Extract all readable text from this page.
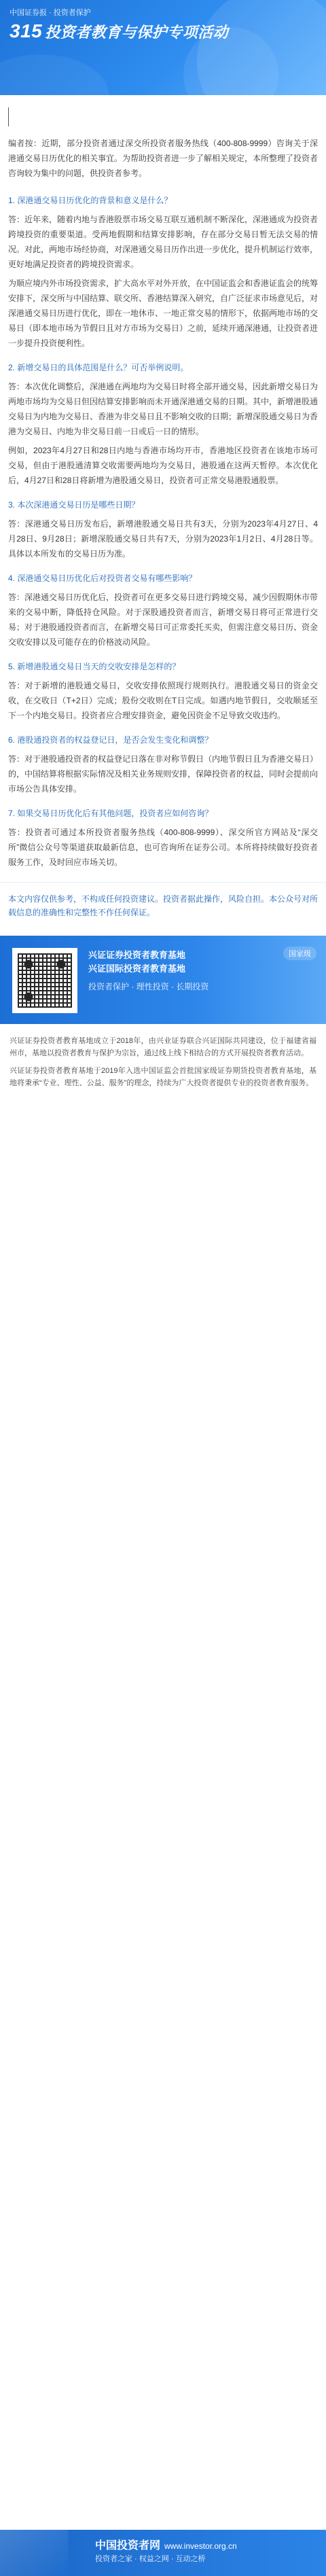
中国证券报 · 投资者保护
315 投资者教育与保护专项活动

编者按：近期，部分投资者通过深交所投资者服务热线（400-808-9999）咨询关于深港通交易日历优化的相关事宜。为帮助投资者进一步了解相关规定，本所整理了投资者咨询较为集中的问题，供投资者参考。

1. 深港通交易日历优化的背景和意义是什么？

答：近年来，随着内地与香港股票市场交易互联互通机制不断深化，深港通成为投资者跨境投资的重要渠道。受两地假期和结算安排影响，存在部分交易日暂无法交易的情况。对此，两地市场经协商，对深港通交易日历作出进一步优化，提升机制运行效率，更好地满足投资者的跨境投资需求。

为顺应境内外市场投资需求，扩大高水平对外开放，在中国证监会和香港证监会的统筹安排下，深交所与中国结算、联交所、香港结算深入研究，自广泛征求市场意见后，对深港通交易日历进行优化，即在一地休市、一地正常交易的情形下，依据两地市场的交易日（即本地市场为节假日且对方市场为交易日）之前，延续开通深港通，让投资者进一步提升投资便利性。

2. 新增交易日的具体范围是什么？可否举例说明。

答：本次优化调整后，深港通在两地均为交易日时将全部开通交易，因此新增交易日为两地市场均为交易日但因结算安排影响而未开通深港通交易的日期。其中，新增港股通交易日为内地为交易日、香港为非交易日且不影响交收的日期；新增深股通交易日为香港为交易日、内地为非交易日前一日或后一日的情形。

例如，2023年4月27日和28日内地与香港市场均开市，香港地区投资者在该地市场可交易，但由于港股通清算交收需要两地均为交易日，港股通在这两天暂停。本次优化后，4月27日和28日将新增为港股通交易日，投资者可正常交易港股通股票。

3. 本次深港通交易日历是哪些日期？

答：深港通交易日历发布后，新增港股通交易日共有3天，分别为2023年4月27日、4月28日、9月28日；新增深股通交易日共有7天，分别为2023年1月2日、4月28日等。具体以本所发布的交易日历为准。

4. 深港通交易日历优化后对投资者交易有哪些影响？

答：深港通交易日历优化后，投资者可在更多交易日进行跨境交易，减少因假期休市带来的交易中断，降低持仓风险。对于深股通投资者而言，新增交易日将可正常进行交易；对于港股通投资者而言，在新增交易日可正常委托买卖，但需注意交易日历、资金交收安排以及可能存在的价格波动风险。

5. 新增港股通交易日当天的交收安排是怎样的？

答：对于新增的港股通交易日，交收安排依照现行规则执行。港股通交易日的资金交收，在交收日（T+2日）完成；股份交收则在T日完成。如遇内地节假日，交收顺延至下一个内地交易日。投资者应合理安排资金，避免因资金不足导致交收违约。

6. 港股通投资者的权益登记日，是否会发生变化和调整？

答：对于港股通投资者的权益登记日落在非对称节假日（内地节假日且为香港交易日）的，中国结算将根据实际情况及相关业务规则安排，保障投资者的权益，同时会提前向市场公告具体安排。

7. 如果交易日历优化后有其他问题，投资者应如何咨询？

答：投资者可通过本所投资者服务热线（400-808-9999）、深交所官方网站及“深交所”微信公众号等渠道获取最新信息，也可咨询所在证券公司。本所将持续做好投资者服务工作，及时回应市场关切。

本文内容仅供参考，不构成任何投资建议。投资者据此操作，风险自担。本公众号对所载信息的准确性和完整性不作任何保证。
兴证证券投资者教育基地
兴证国际投资者教育基地
投资者保护 · 理性投资 · 长期投资
国家级

兴证证券投资者教育基地成立于2018年，由兴业证券联合兴证国际共同建设，位于福建省福州市，基地以投资者教育与保护为宗旨，通过线上线下相结合的方式开展投资者教育活动。

兴证证券投资者教育基地于2019年入选中国证监会首批国家级证券期货投资者教育基地，基地将秉承“专业、理性、公益、服务”的理念，持续为广大投资者提供专业的投资者教育服务。

中国投资者网 www.investor.org.cn
投资者之家 · 权益之网 · 互动之桥
